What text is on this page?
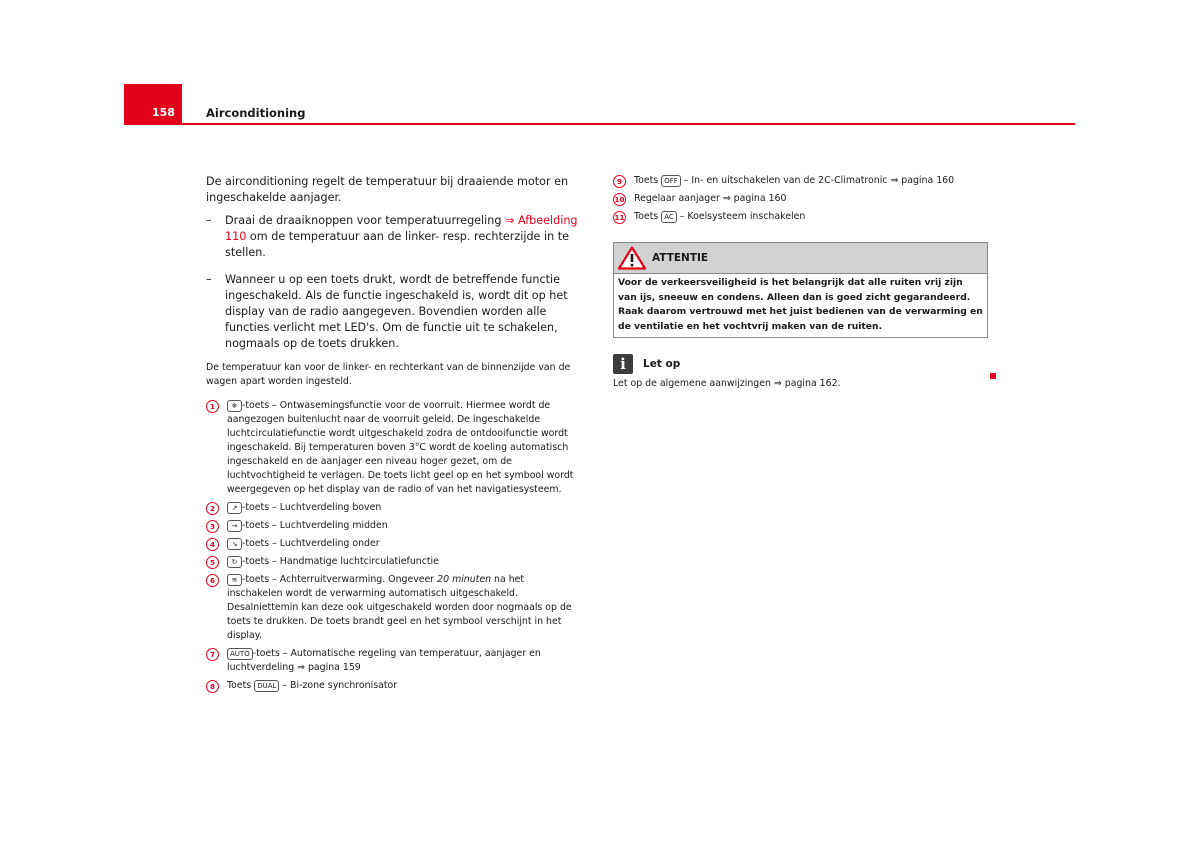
158	Airconditioning

De airconditioning regelt de temperatuur bij draaiende motor en ingeschakelde aanjager.

–	Draai de draaiknoppen voor temperatuurregeling ⇒ Afbeelding 110 om de temperatuur aan de linker- resp. rechterzijde in te stellen.
–	Wanneer u op een toets drukt, wordt de betreffende functie ingeschakeld. Als de functie ingeschakeld is, wordt dit op het display van de radio aangegeven. Bovendien worden alle functies verlicht met LED's. Om de functie uit te schakelen, nogmaals op de toets drukken.

De temperatuur kan voor de linker- en rechterkant van de binnenzijde van de wagen apart worden ingesteld.

1	❄ -toets – Ontwasemingsfunctie voor de voorruit. Hiermee wordt de aangezogen buitenlucht naar de voorruit geleid. De ingeschakelde luchtcirculatiefunctie wordt uitgeschakeld zodra de ontdooifunctie wordt ingeschakeld. Bij temperaturen boven 3°C wordt de koeling automatisch ingeschakeld en de aanjager een niveau hoger gezet, om de luchtvochtigheid te verlagen. De toets licht geel op en het symbool wordt weergegeven op het display van de radio of van het navigatiesysteem.
2	↗ -toets – Luchtverdeling boven
3	→ -toets – Luchtverdeling midden
4	↘ -toets – Luchtverdeling onder
5	↻ -toets – Handmatige luchtcirculatiefunctie
6	≋ -toets – Achterruitverwarming. Ongeveer 20 minuten na het inschakelen wordt de verwarming automatisch uitgeschakeld. Desalniettemin kan deze ook uitgeschakeld worden door nogmaals op de toets te drukken. De toets brandt geel en het symbool verschijnt in het display.
7	AUTO -toets – Automatische regeling van temperatuur, aanjager en luchtverdeling ⇒ pagina 159
8	Toets DUAL – Bi-zone synchronisator
9	Toets OFF – In- en uitschakelen van de 2C-Climatronic ⇒ pagina 160
10 Regelaar aanjager ⇒ pagina 160
11 Toets AC – Koelsysteem inschakelen
ATTENTIE
Voor de verkeersveiligheid is het belangrijk dat alle ruiten vrij zijn van ijs, sneeuw en condens. Alleen dan is goed zicht gegarandeerd. Raak daarom vertrouwd met het juist bedienen van de verwarming en de ventilatie en het vochtvrij maken van de ruiten.
i	Let op
Let op de algemene aanwijzingen ⇒ pagina 162.
